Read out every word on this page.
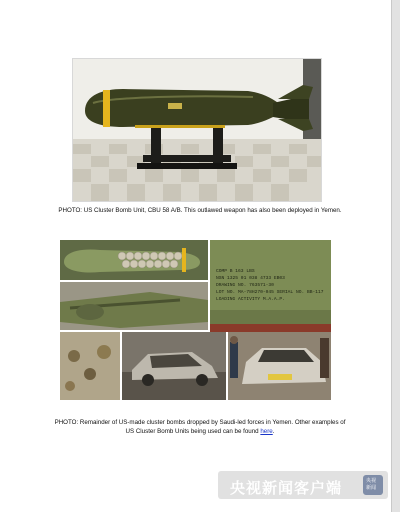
PHOTO: US Cluster Bomb Unit, CBU 58 A/B. This outlawed weapon has also been deployed in Yemen.
COMP B 163 LBS
NSN 1325 01 038 4733 EB03
DRAWING NO. 763571-30
LOT NO. MA-78H270-045 SERIAL NO. BB-117
LOADING ACTIVITY M.A.A.P.
PHOTO: Remainder of US-made cluster bombs dropped by Saudi-led forces in Yemen. Other examples of
US Cluster Bomb Units being used can be found here.
央视新闻客户端	央视
新闻
